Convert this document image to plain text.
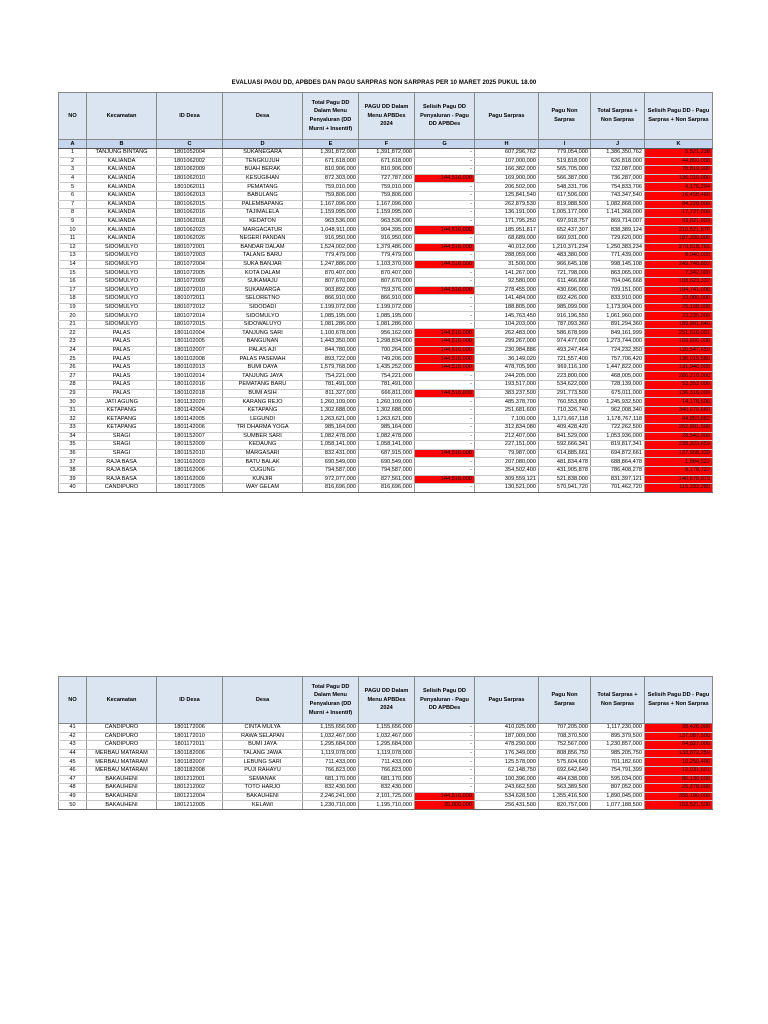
EVALUASI PAGU DD, APBDES DAN PAGU SARPRAS NON SARPRAS PER 10 MARET 2025 PUKUL 18.00
NO	Kecamatan	ID Desa	Desa	Total Pagu DD Dalam Menu Penyaluran (DD Murni + Insentif)	PAGU DD Dalam Menu APBDes 2024	Selisih Pagu DD Penyaluran - Pagu DD APBDes	Pagu Sarpras	Pagu Non Sarpras	Total Sarpras + Non Sarpras	Selisih Pagu DD - Pagu Sarpras + Non Sarpras
A	B	C	D	E	F	G	H	I	J	K
1	TANJUNG BINTANG	1801052004	SUKANEGARA	1,391,872,000	1,391,872,000	-	607,296,762	779,054,000	1,386,350,762	5,521,238
2	KALIANDA	1801062002	TENGKUJUH	671,618,000	671,618,000	-	107,000,000	519,818,000	626,818,000	44,800,000
3	KALIANDA	1801062009	BUAH BERAK	810,906,000	810,906,000	-	166,382,000	565,705,000	732,087,000	78,819,000
4	KALIANDA	1801062010	KESUGIHAN	872,303,000	727,787,000	144,516,000	169,900,000	566,387,000	736,287,000	136,016,000
5	KALIANDA	1801062011	PEMATANG	759,010,000	759,010,000	-	206,502,000	548,331,706	754,833,706	4,176,294
6	KALIANDA	1801062013	BABULANG	759,806,000	759,806,000	-	125,841,540	617,506,000	743,347,540	16,458,460
7	KALIANDA	1801062015	PALEMBAPANG	1,167,096,000	1,167,096,000	-	262,879,530	819,988,500	1,082,868,000	84,228,000
8	KALIANDA	1801062016	TAJIMALELA	1,159,095,000	1,159,095,000	-	136,191,000	1,005,177,000	1,141,368,000	17,727,000
9	KALIANDA	1801062018	KEDATON	963,536,000	963,536,000	-	171,795,250	697,918,757	869,714,007	93,821,993
10	KALIANDA	1801062023	MARGACATUR	1,048,911,000	904,395,000	144,516,000	185,951,817	652,437,307	838,389,124	210,521,876
11	KALIANDA	1801062026	NEGERI PANDAN	916,950,000	916,950,000	-	68,689,000	660,931,000	729,620,000	187,330,000
12	SIDOMULYO	1801072001	BANDAR DALAM	1,524,002,000	1,379,486,000	144,516,000	40,012,000	1,210,371,234	1,250,383,234	273,618,766
13	SIDOMULYO	1801072003	TALANG BARU	779,479,000	779,479,000	-	288,059,000	483,380,000	771,439,000	8,040,000
14	SIDOMULYO	1801072004	SUKA BANJAR	1,247,886,000	1,103,370,000	144,516,000	31,500,000	966,645,108	998,145,108	249,740,892
15	SIDOMULYO	1801072005	KOTA DALAM	870,407,000	870,407,000	-	141,267,000	721,798,000	863,065,000	7,342,000
16	SIDOMULYO	1801072009	SUKAMAJU	807,670,000	807,670,000	-	92,580,000	611,466,668	704,046,668	103,623,332
17	SIDOMULYO	1801072010	SUKAMARGA	903,892,000	759,376,000	144,516,000	278,455,000	430,696,000	709,151,000	194,741,000
18	SIDOMULYO	1801072011	SELORETNO	866,910,000	866,910,000	-	141,484,000	692,426,000	833,910,000	33,000,000
19	SIDOMULYO	1801072012	SIDODADI	1,199,072,000	1,199,072,000	-	188,805,000	985,099,000	1,173,904,000	25,168,000
20	SIDOMULYO	1801072014	SIDOMULYO	1,085,195,000	1,085,195,000	-	145,763,450	916,196,550	1,061,960,000	23,235,000
21	SIDOMULYO	1801072015	SIDOWALUYO	1,081,286,000	1,081,286,000	-	104,203,000	787,093,360	891,294,360	189,991,640
22	PALAS	1801102004	TANJUNG SARI	1,100,678,000	956,162,000	144,516,000	262,483,000	586,678,999	849,161,999	251,516,001
23	PALAS	1801102005	BANGUNAN	1,443,350,000	1,298,834,000	144,516,000	299,267,000	974,477,000	1,273,744,000	169,606,000
24	PALAS	1801102007	PALAS AJI	844,780,000	700,264,000	144,516,000	230,984,886	493,247,464	724,232,350	120,547,650
25	PALAS	1801102008	PALAS PASEMAH	893,722,000	749,206,000	144,516,000	36,149,020	721,557,400	757,706,420	136,015,580
26	PALAS	1801102013	BUMI DAYA	1,579,768,000	1,435,252,000	144,516,000	478,705,900	969,116,100	1,447,822,000	131,946,000
27	PALAS	1801102014	TANJUNG JAYA	754,221,000	754,221,000	-	244,205,000	223,800,000	468,005,000	286,216,000
28	PALAS	1801102016	PEMATANG BARU	781,491,000	781,491,000	-	193,517,000	534,622,000	728,139,000	53,352,000
29	PALAS	1801102018	BUMI ASIH	811,327,000	666,811,000	144,516,000	383,237,500	291,773,500	675,011,000	136,316,000
30	JATI AGUNG	1801132020	KARANG REJO	1,260,109,000	1,260,109,000	-	485,378,700	760,553,800	1,245,932,500	14,176,500
31	KETAPANG	1801142004	KETAPANG	1,302,688,000	1,302,688,000	-	251,681,600	710,326,740	962,008,340	340,679,660
32	KETAPANG	1801142005	LEGUNDI	1,263,621,000	1,263,621,000	-	7,100,000	1,171,667,118	1,178,767,118	84,853,882
33	KETAPANG	1801142006	TRI DHARMA YOGA	985,164,000	985,164,000	-	312,834,080	409,428,420	722,262,500	262,901,500
34	SRAGI	1801152007	SUMBER SARI	1,082,478,000	1,082,478,000	-	212,407,000	841,529,000	1,053,936,000	28,542,000
35	SRAGI	1801152009	KEDAUNG	1,058,141,000	1,058,141,000	-	227,151,000	592,666,341	819,817,341	238,323,659
36	SRAGI	1801152010	MARGASARI	832,431,000	687,915,000	144,516,000	79,987,000	614,885,661	694,872,661	137,558,339
37	RAJA BASA	1801162003	BATU BALAK	690,549,000	690,549,000	-	207,080,000	481,834,478	688,864,478	1,684,522
38	RAJA BASA	1801162006	CUGUNG	794,587,000	794,587,000	-	354,502,400	431,905,878	786,408,278	8,178,722
39	RAJA BASA	1801162009	KUNJIR	972,077,000	827,561,000	144,516,000	309,559,121	521,838,000	831,397,121	140,679,879
40	CANDIPURO	1801172005	WAY GELAM	816,696,000	816,696,000	-	130,521,000	570,941,720	701,462,720	115,233,280
NO	Kecamatan	ID Desa	Desa	Total Pagu DD Dalam Menu Penyaluran (DD Murni + Insentif)	PAGU DD Dalam Menu APBDes 2024	Selisih Pagu DD Penyaluran - Pagu DD APBDes	Pagu Sarpras	Pagu Non Sarpras	Total Sarpras + Non Sarpras	Selisih Pagu DD - Pagu Sarpras + Non Sarpras
41	CANDIPURO	1801172006	CINTA MULYA	1,155,656,000	1,155,656,000	-	410,025,000	707,205,000	1,117,230,000	38,426,000
42	CANDIPURO	1801172010	RAWA SELAPAN	1,032,467,000	1,032,467,000	-	187,009,000	708,370,500	895,379,500	137,087,500
43	CANDIPURO	1801172011	BUMI JAYA	1,295,684,000	1,295,684,000	-	478,290,000	752,567,000	1,230,857,000	64,827,000
44	MERBAU MATARAM	1801182006	TALANG JAWA	1,119,078,000	1,119,078,000	-	176,349,000	808,856,750	985,205,750	133,872,250
45	MERBAU MATARAM	1801182007	LEBUNG SARI	711,433,000	711,433,000	-	125,578,000	575,604,600	701,182,600	10,250,400
46	MERBAU MATARAM	1801182008	PUJI RAHAYU	766,823,000	766,823,000	-	62,148,750	692,642,649	754,791,399	12,031,601
47	BAKAUHENI	1801212001	SEMANAK	681,170,000	681,170,000	-	100,396,000	494,638,000	595,034,000	86,136,000
48	BAKAUHENI	1801212002	TOTO HARJO	832,430,000	832,430,000	-	243,662,500	563,389,500	807,052,000	25,378,000
49	BAKAUHENI	1801212004	BAKAUHENI	2,246,241,000	2,101,725,000	144,516,000	534,628,500	1,355,416,500	1,890,045,000	356,196,000
50	BAKAUHENI	1801212005	KELAWI	1,230,710,000	1,195,710,000	35,000,000	256,431,500	820,757,000	1,077,188,500	153,521,500
